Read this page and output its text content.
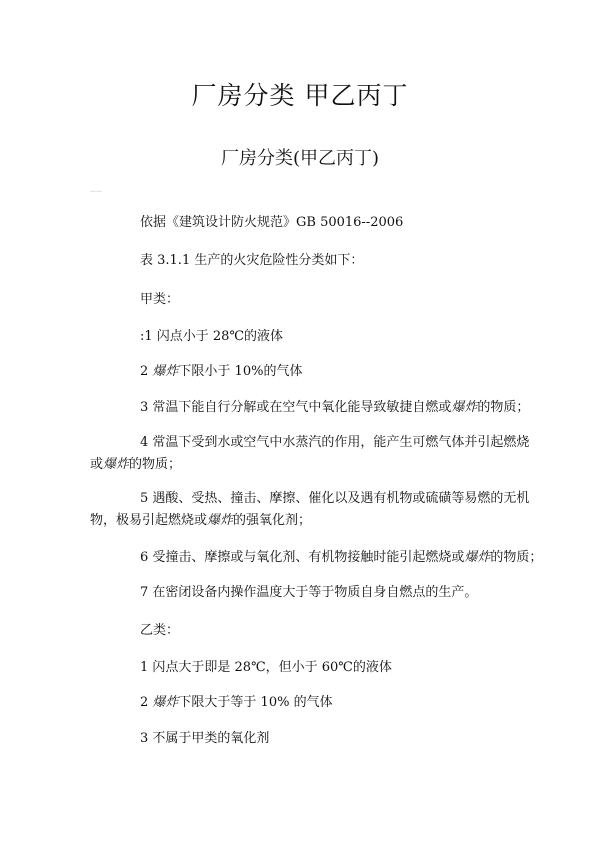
厂房分类 甲乙丙丁
厂房分类(甲乙丙丁)
——

依据《建筑设计防火规范》GB 50016--2006

表 3.1.1 生产的火灾危险性分类如下：

甲类：

:1 闪点小于 28℃的液体

2 爆炸下限小于 10%的气体

3 常温下能自行分解或在空气中氧化能导致敏捷自燃或爆炸的物质；

4 常温下受到水或空气中水蒸汽的作用，能产生可燃气体并引起燃烧或爆炸的物质；

5 遇酸、受热、撞击、摩擦、催化以及遇有机物或硫磺等易燃的无机物，极易引起燃烧或爆炸的强氧化剂；

6 受撞击、摩擦或与氧化剂、有机物接触时能引起燃烧或爆炸的物质；

7 在密闭设备内操作温度大于等于物质自身自燃点的生产。

乙类：

1 闪点大于即是 28℃，但小于 60℃的液体

2 爆炸下限大于等于 10% 的气体

3 不属于甲类的氧化剂
